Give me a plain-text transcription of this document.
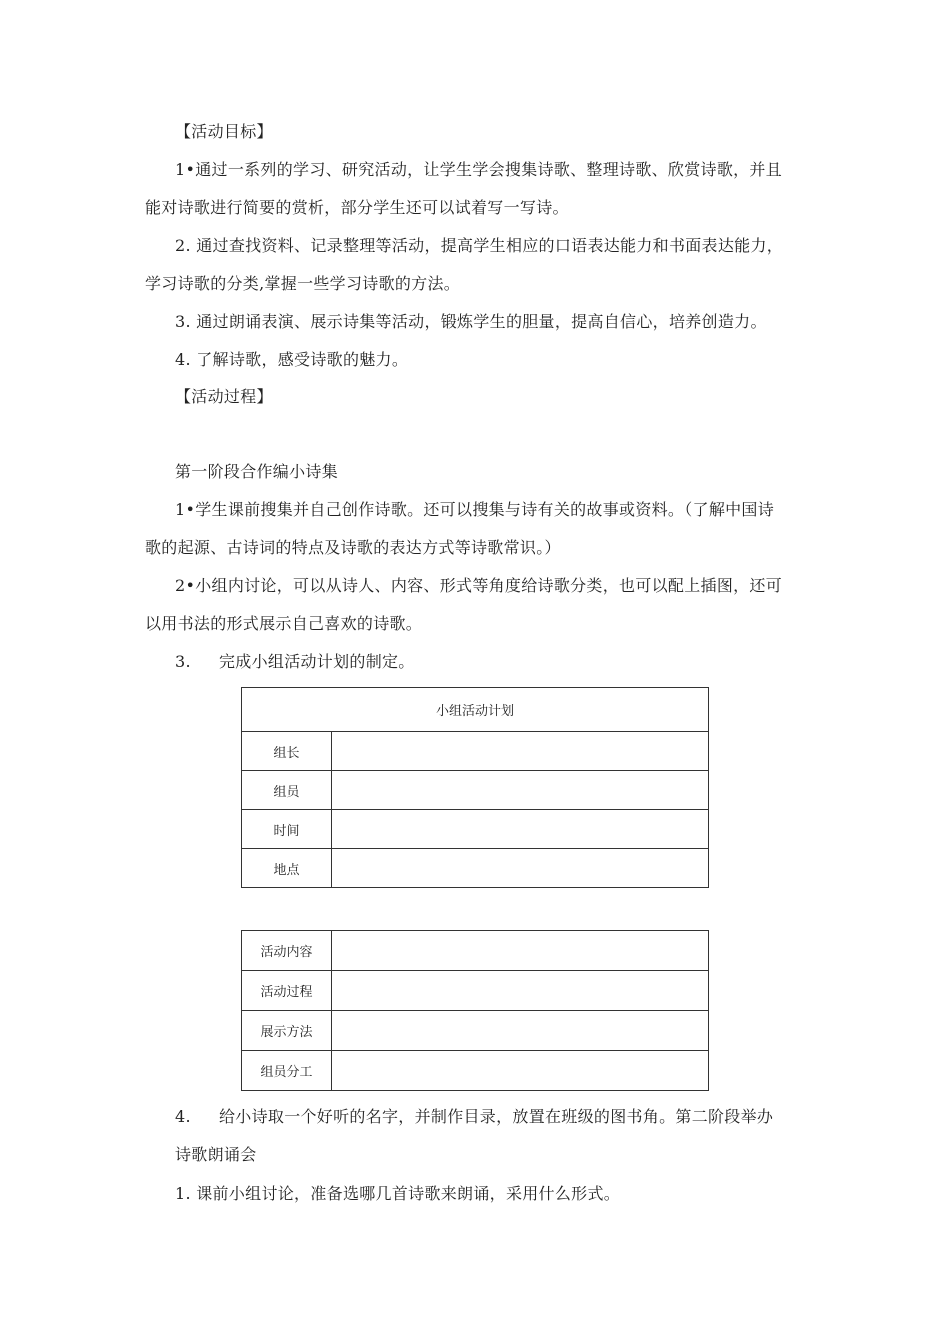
【活动目标】
1•通过一系列的学习、研究活动，让学生学会搜集诗歌、整理诗歌、欣赏诗歌，并且
能对诗歌进行简要的赏析，部分学生还可以试着写一写诗。
2. 通过查找资料、记录整理等活动，提高学生相应的口语表达能力和书面表达能力，
学习诗歌的分类,掌握一些学习诗歌的方法。
3. 通过朗诵表演、展示诗集等活动，锻炼学生的胆量，提高自信心，培养创造力。
4. 了解诗歌，感受诗歌的魅力。
【活动过程】
第一阶段合作编小诗集
1•学生课前搜集并自己创作诗歌。还可以搜集与诗有关的故事或资料。（了解中国诗
歌的起源、古诗词的特点及诗歌的表达方式等诗歌常识。）
2•小组内讨论，可以从诗人、内容、形式等角度给诗歌分类，也可以配上插图，还可
以用书法的形式展示自己喜欢的诗歌。
3. 完成小组活动计划的制定。
小组活动计划	
组长	
组员	
时间	
地点	
活动内容	
活动过程	
展示方法	
组员分工	
4. 给小诗取一个好听的名字，并制作目录，放置在班级的图书角。第二阶段举办
诗歌朗诵会
1. 课前小组讨论，准备选哪几首诗歌来朗诵，采用什么形式。
